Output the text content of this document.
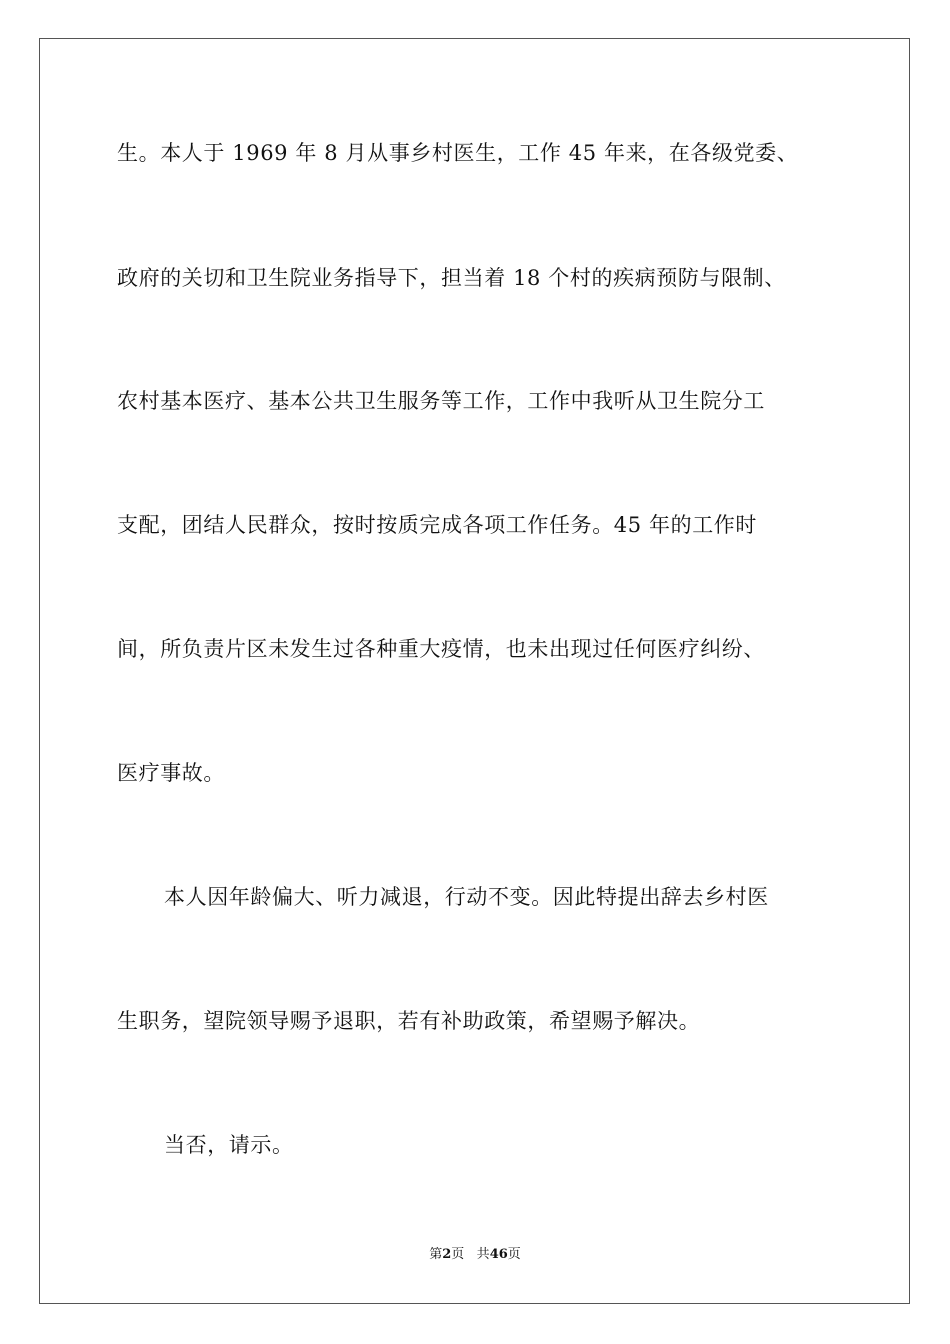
生。本人于 1969 年 8 月从事乡村医生，工作 45 年来，在各级党委、
政府的关切和卫生院业务指导下，担当着 18 个村的疾病预防与限制、
农村基本医疗、基本公共卫生服务等工作，工作中我听从卫生院分工
支配，团结人民群众，按时按质完成各项工作任务。45 年的工作时
间，所负责片区未发生过各种重大疫情，也未出现过任何医疗纠纷、
医疗事故。
本人因年龄偏大、听力减退，行动不变。因此特提出辞去乡村医
生职务，望院领导赐予退职，若有补助政策，希望赐予解决。
当否，请示。
第2页 共46页
